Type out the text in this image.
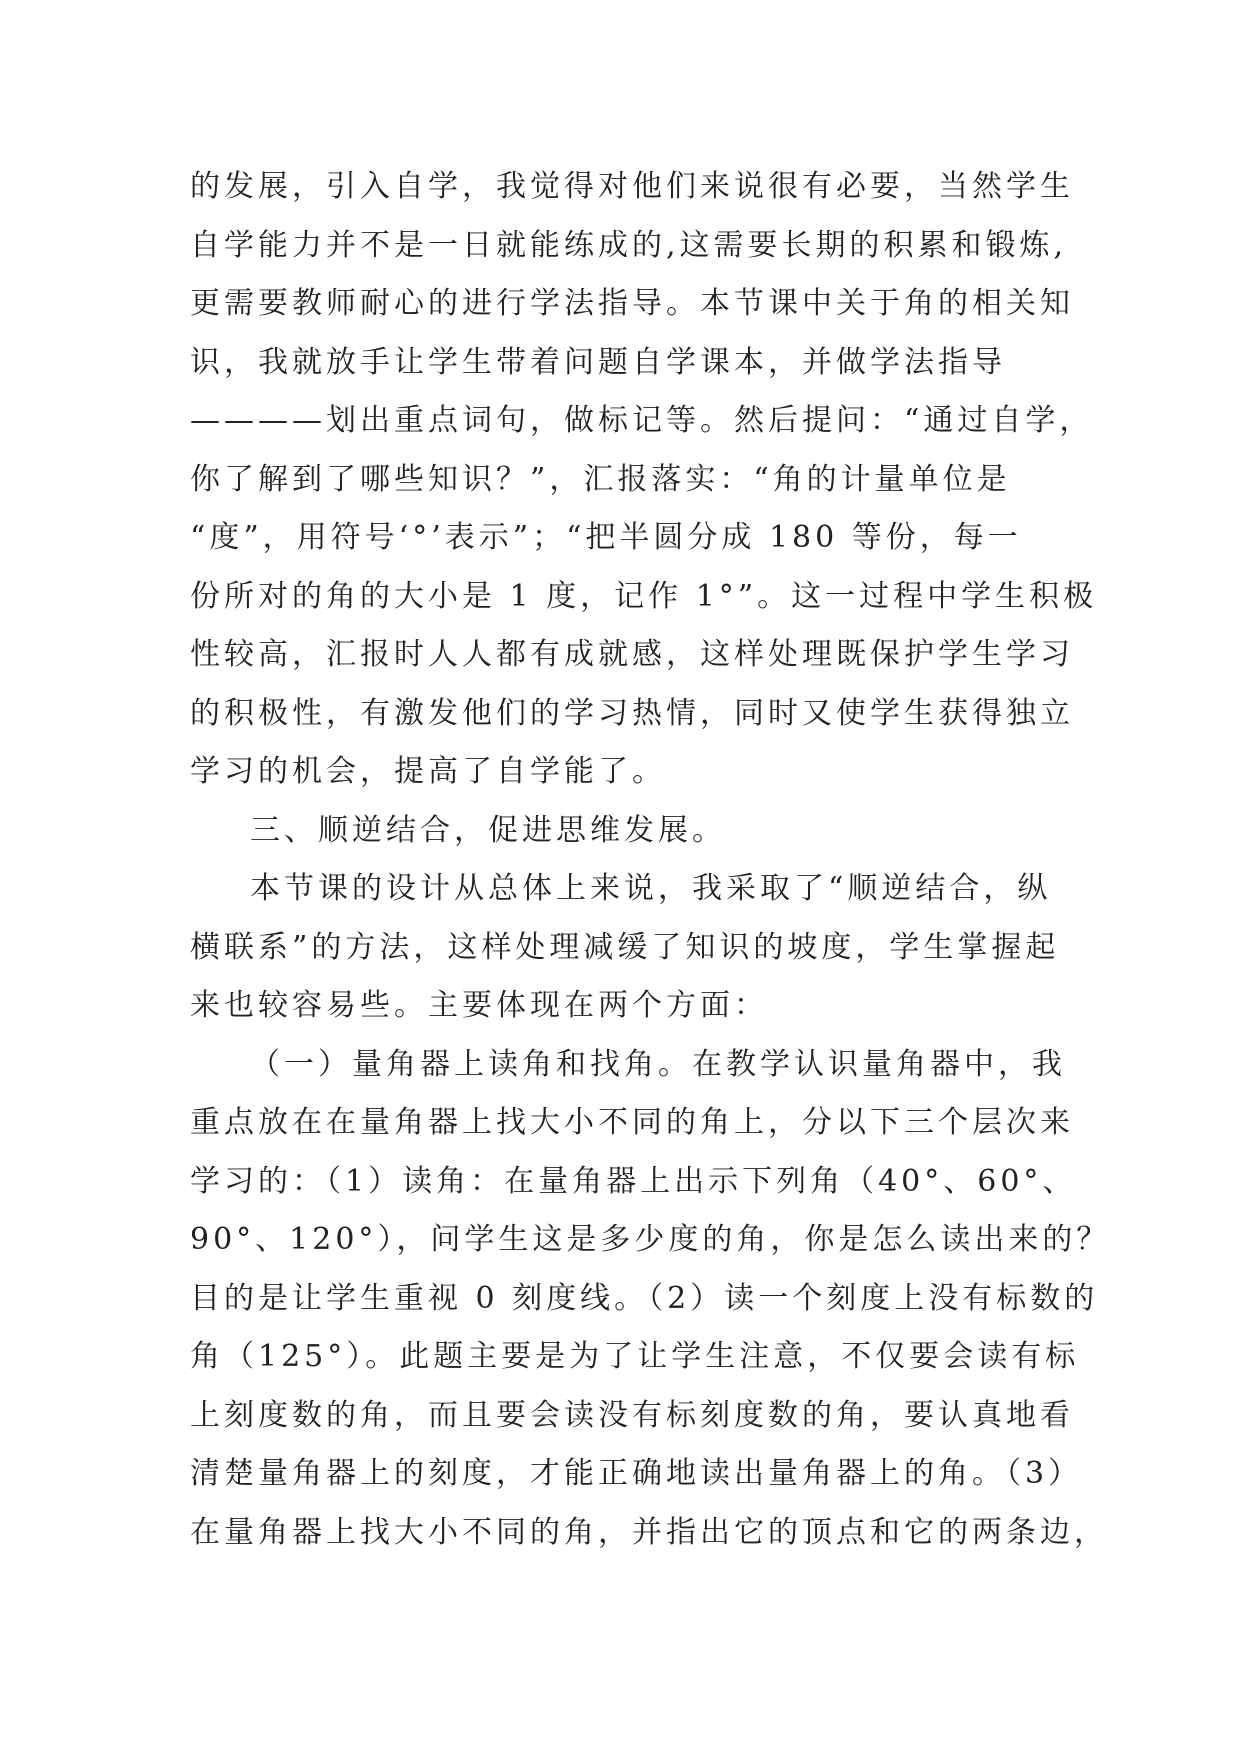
的发展，引入自学，我觉得对他们来说很有必要，当然学生
自学能力并不是一日就能练成的,这需要长期的积累和锻炼,
更需要教师耐心的进行学法指导。本节课中关于角的相关知
识，我就放手让学生带着问题自学课本，并做学法指导
————划出重点词句，做标记等。然后提问：“通过自学，
你了解到了哪些知识？”，汇报落实：“角的计量单位是
“度”，用符号‘°’表示”；“把半圆分成 180 等份，每一
份所对的角的大小是 1 度，记作 1°”。这一过程中学生积极
性较高，汇报时人人都有成就感，这样处理既保护学生学习
的积极性，有激发他们的学习热情，同时又使学生获得独立
学习的机会，提高了自学能了。
三、顺逆结合，促进思维发展。
本节课的设计从总体上来说，我采取了“顺逆结合，纵
横联系”的方法，这样处理减缓了知识的坡度，学生掌握起
来也较容易些。主要体现在两个方面：
（一）量角器上读角和找角。在教学认识量角器中，我
重点放在在量角器上找大小不同的角上，分以下三个层次来
学习的：（1）读角：在量角器上出示下列角（40°、60°、
90°、120°），问学生这是多少度的角，你是怎么读出来的？
目的是让学生重视 0 刻度线。（2）读一个刻度上没有标数的
角（125°）。此题主要是为了让学生注意，不仅要会读有标
上刻度数的角，而且要会读没有标刻度数的角，要认真地看
清楚量角器上的刻度，才能正确地读出量角器上的角。（3）
在量角器上找大小不同的角，并指出它的顶点和它的两条边，
